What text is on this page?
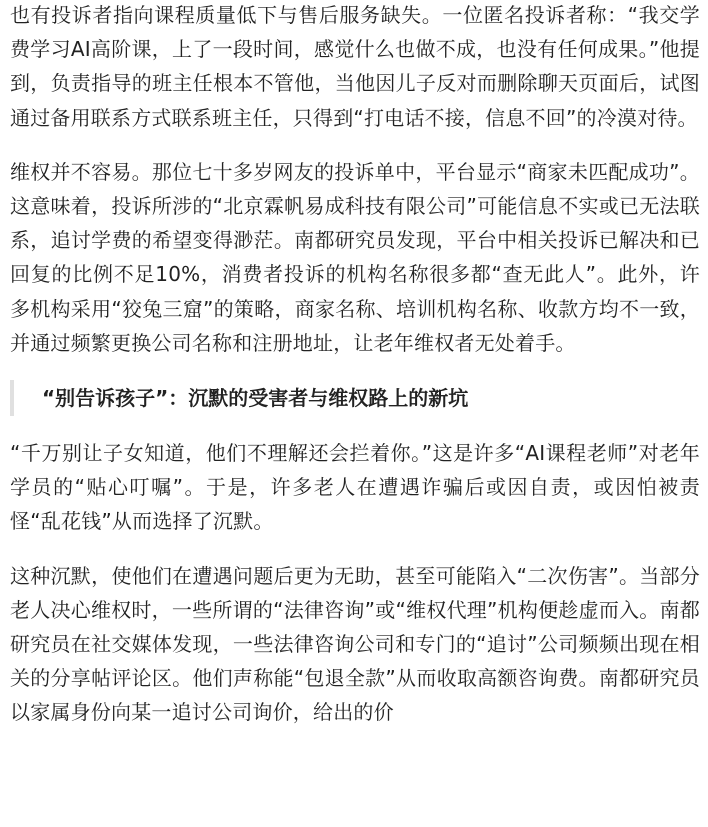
也有投诉者指向课程质量低下与售后服务缺失。一位匿名投诉者称：“我交学费学习AI高阶课，上了一段时间，感觉什么也做不成，也没有任何成果。”他提到，负责指导的班主任根本不管他，当他因儿子反对而删除聊天页面后，试图通过备用联系方式联系班主任，只得到“打电话不接，信息不回”的冷漠对待。

维权并不容易。那位七十多岁网友的投诉单中，平台显示“商家未匹配成功”。这意味着，投诉所涉的“北京霖帆易成科技有限公司”可能信息不实或已无法联系，追讨学费的希望变得渺茫。南都研究员发现，平台中相关投诉已解决和已回复的比例不足10%，消费者投诉的机构名称很多都“查无此人”。此外，许多机构采用“狡兔三窟”的策略，商家名称、培训机构名称、收款方均不一致，并通过频繁更换公司名称和注册地址，让老年维权者无处着手。

“别告诉孩子”：沉默的受害者与维权路上的新坑

“千万别让子女知道，他们不理解还会拦着你。”这是许多“AI课程老师”对老年学员的“贴心叮嘱”。于是，许多老人在遭遇诈骗后或因自责，或因怕被责怪“乱花钱”从而选择了沉默。

这种沉默，使他们在遭遇问题后更为无助，甚至可能陷入“二次伤害”。当部分老人决心维权时，一些所谓的“法律咨询”或“维权代理”机构便趁虚而入。南都研究员在社交媒体发现，一些法律咨询公司和专门的“追讨”公司频频出现在相关的分享帖评论区。他们声称能“包退全款”从而收取高额咨询费。南都研究员以家属身份向某一追讨公司询价，给出的价
